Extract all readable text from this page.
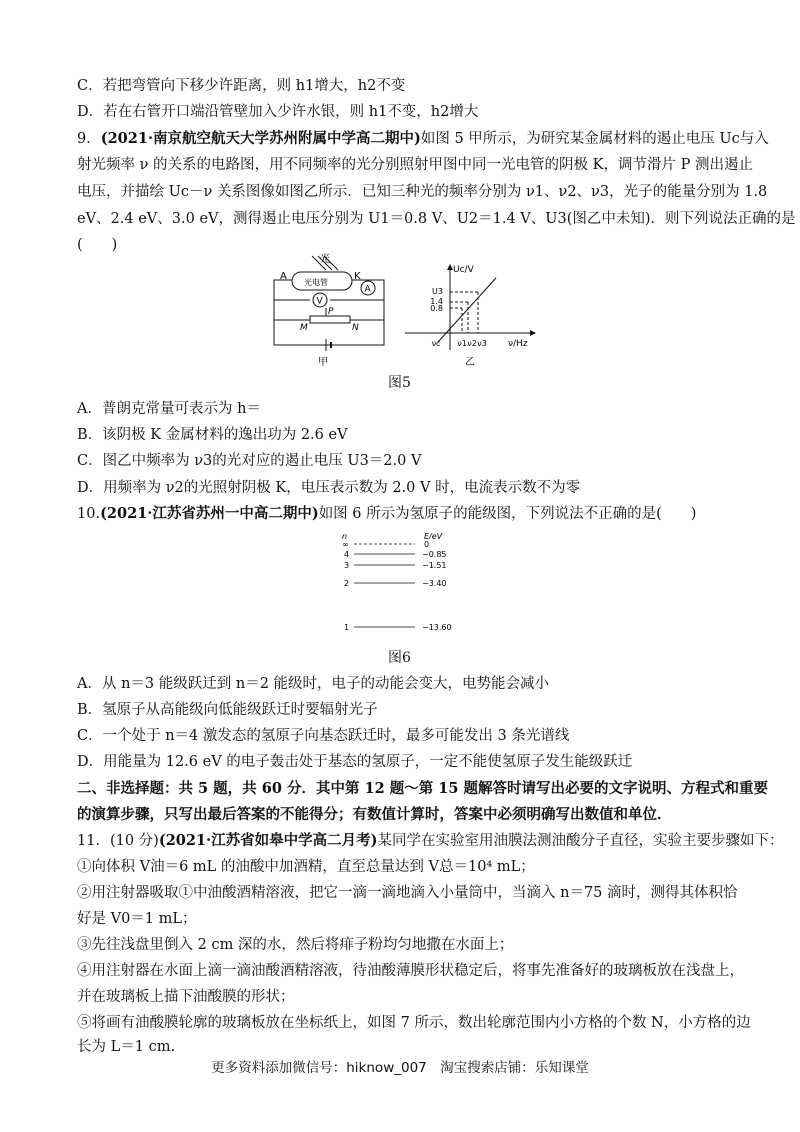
C．若把弯管向下移少许距离，则 h1增大，h2不变
D．若在右管开口端沿管壁加入少许水银，则 h1不变，h2增大
9．(2021·南京航空航天大学苏州附属中学高二期中)如图 5 甲所示，为研究某金属材料的遏止电压 Uc与入
射光频率 ν 的关系的电路图，用不同频率的光分别照射甲图中同一光电管的阴极 K，调节滑片 P 测出遏止
电压，并描绘 Uc－ν 关系图像如图乙所示．已知三种光的频率分别为 ν1、ν2、ν3，光子的能量分别为 1.8
eV、2.4 eV、3.0 eV，测得遏止电压分别为 U1＝0.8 V、U2＝1.4 V、U3(图乙中未知)．则下列说法正确的是
(　　)
光
A	K
光电管
A
V
P
M	N
甲
Uc/V
ν/Hz
U3
1.4
0.8
νc ν1 ν2 ν3
乙
图5
A．普朗克常量可表示为 h＝
B．该阴极 K 金属材料的逸出功为 2.6 eV
C．图乙中频率为 ν3的光对应的遏止电压 U3＝2.0 V
D．用频率为 ν2的光照射阴极 K，电压表示数为 2.0 V 时，电流表示数不为零
10.(2021·江苏省苏州一中高二期中)如图 6 所示为氢原子的能级图，下列说法不正确的是(　　)
n	E/eV
∞	0
4	−0.85
3	−1.51
2	−3.40
1	−13.60
图6
A．从 n＝3 能级跃迁到 n＝2 能级时，电子的动能会变大，电势能会减小
B．氢原子从高能级向低能级跃迁时要辐射光子
C．一个处于 n＝4 激发态的氢原子向基态跃迁时，最多可能发出 3 条光谱线
D．用能量为 12.6 eV 的电子轰击处于基态的氢原子，一定不能使氢原子发生能级跃迁
二、非选择题：共 5 题，共 60 分．其中第 12 题～第 15 题解答时请写出必要的文字说明、方程式和重要
的演算步骤，只写出最后答案的不能得分；有数值计算时，答案中必须明确写出数值和单位．
11．(10 分)(2021·江苏省如皋中学高二月考)某同学在实验室用油膜法测油酸分子直径，实验主要步骤如下：
①向体积 V油＝6 mL 的油酸中加酒精，直至总量达到 V总＝10⁴ mL；
②用注射器吸取①中油酸酒精溶液，把它一滴一滴地滴入小量筒中，当滴入 n＝75 滴时，测得其体积恰
好是 V0＝1 mL；
③先往浅盘里倒入 2 cm 深的水，然后将痱子粉均匀地撒在水面上；
④用注射器在水面上滴一滴油酸酒精溶液，待油酸薄膜形状稳定后，将事先准备好的玻璃板放在浅盘上，
并在玻璃板上描下油酸膜的形状；
⑤将画有油酸膜轮廓的玻璃板放在坐标纸上，如图 7 所示，数出轮廓范围内小方格的个数 N，小方格的边
长为 L＝1 cm.
更多资料添加微信号：hiknow_007　淘宝搜索店铺：乐知课堂
